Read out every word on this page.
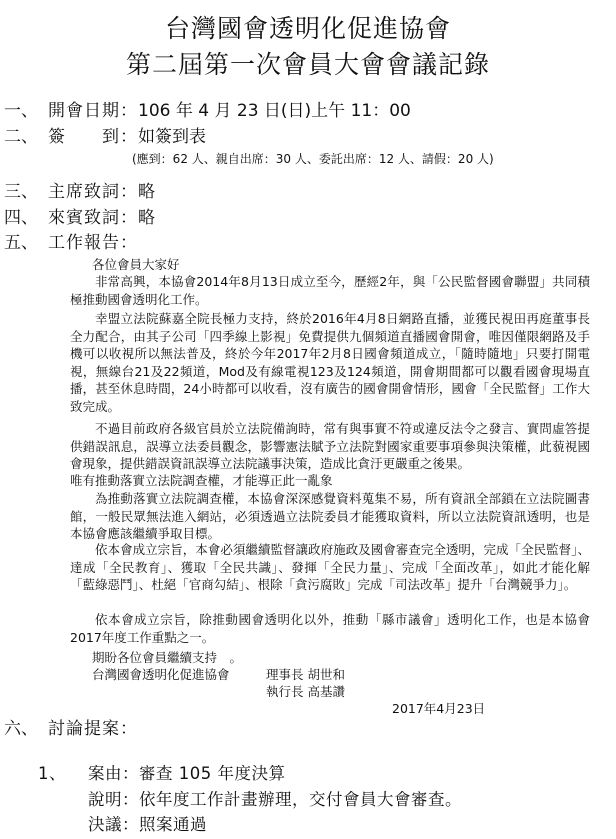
台灣國會透明化促進協會
第二屆第一次會員大會會議記錄
一、 開會日期：106 年 4 月 23 日(日)上午 11：00
二、 簽　　到：如簽到表
(應到：62 人、親自出席：30 人、委託出席：12 人、請假：20 人)
三、 主席致詞：略
四、 來賓致詞：略
五、 工作報告：
各位會員大家好

非常高興，本協會2014年8月13日成立至今，歷經2年，與「公民監督國會聯盟」共同積極推動國會透明化工作。

幸盟立法院蘇嘉全院長極力支持，終於2016年4月8日網路直播，並獲民視田再庭董事長全力配合，由其子公司「四季線上影視」免費提供九個頻道直播國會開會，唯因僅限網路及手機可以收視所以無法普及，終於今年2017年2月8日國會頻道成立，「隨時隨地」只要打開電視，無線台21及22頻道，Mod及有線電視123及124頻道，開會期間都可以觀看國會現場直播，甚至休息時間，24小時都可以收看，沒有廣告的國會開會情形，國會「全民監督」工作大致完成。

不過目前政府各級官員於立法院備詢時，常有與事實不符或違反法令之發言、實問虛答提供錯誤訊息，誤導立法委員觀念，影響憲法賦予立法院對國家重要事項參與決策權，此藐視國會現象，提供錯誤資訊誤導立法院議事決策，造成比貪汙更嚴重之後果。

唯有推動落實立法院調查權，才能導正此一亂象

為推動落實立法院調查權，本協會深深感覺資料蒐集不易，所有資訊全部鎖在立法院圖書館，一般民眾無法進入網站，必須透過立法院委員才能獲取資料，所以立法院資訊透明，也是本協會應該繼續爭取目標。

依本會成立宗旨，本會必須繼續監督讓政府施政及國會審查完全透明，完成「全民監督」、達成「全民教育」、獲取「全民共識」、發揮「全民力量」、完成「全面改革」，如此才能化解「藍綠惡鬥」、杜絕「官商勾結」、根除「貪污腐敗」完成「司法改革」提升「台灣競爭力」。

依本會成立宗旨，除推動國會透明化以外，推動「縣市議會」透明化工作，也是本協會2017年度工作重點之一。

期盼各位會員繼續支持　。
台灣國會透明化促進協會	理事長 胡世和
執行長 高基讚
2017年4月23日
六、 討論提案：
1、 案由：審查 105 年度決算
說明：依年度工作計畫辦理，交付會員大會審查。
決議：照案通過
